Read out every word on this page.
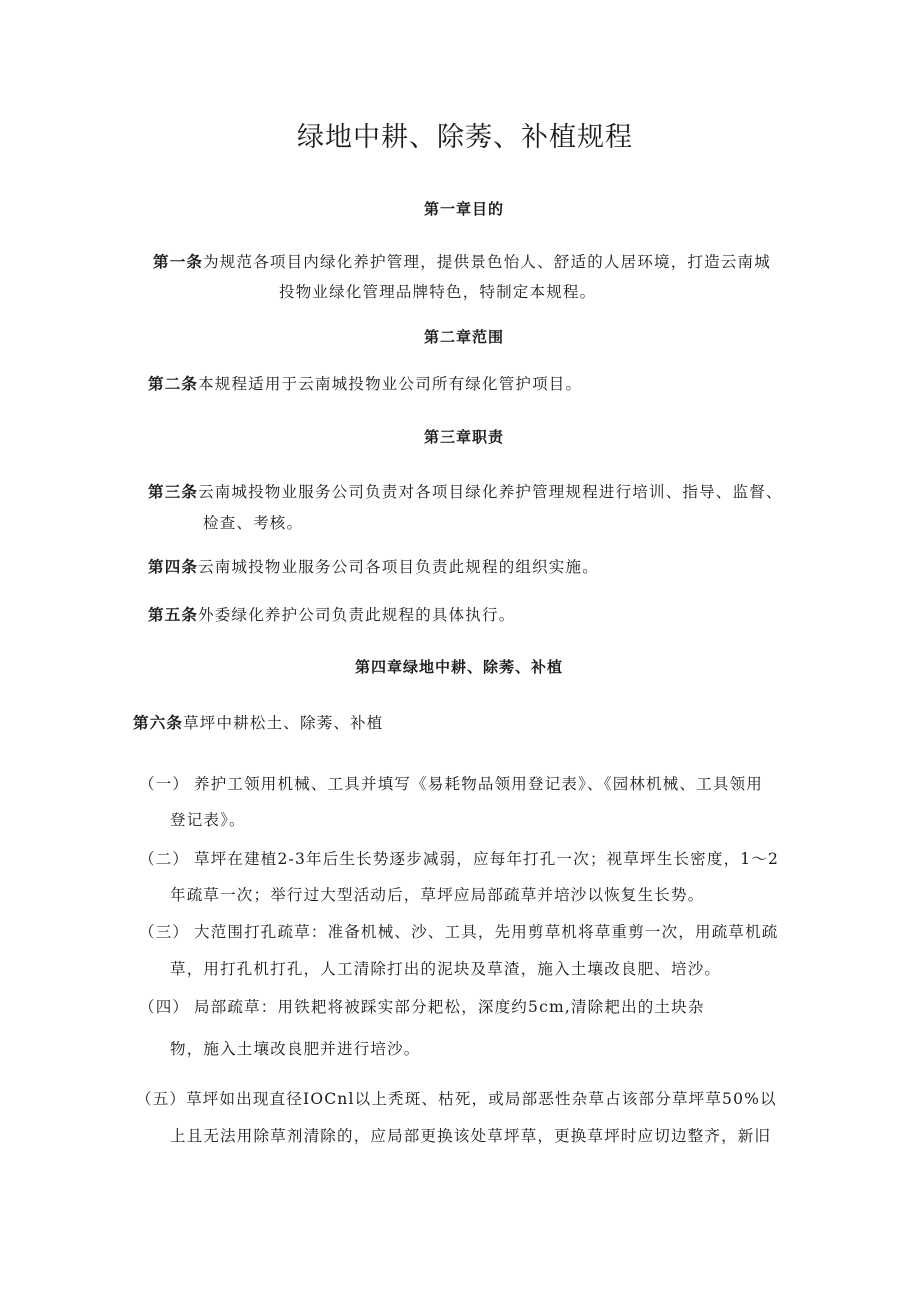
绿地中耕、除莠、补植规程
第一章目的
第一条为规范各项目内绿化养护管理，提供景色怡人、舒适的人居环境，打造云南城
投物业绿化管理品牌特色，特制定本规程。
第二章范围
第二条本规程适用于云南城投物业公司所有绿化管护项目。
第三章职责
第三条云南城投物业服务公司负责对各项目绿化养护管理规程进行培训、指导、监督、
检查、考核。
第四条云南城投物业服务公司各项目负责此规程的组织实施。
第五条外委绿化养护公司负责此规程的具体执行。
第四章绿地中耕、除莠、补植
第六条草坪中耕松土、除莠、补植
（一） 养护工领用机械、工具并填写《易耗物品领用登记表》、《园林机械、工具领用
登记表》。
（二） 草坪在建植2-3年后生长势逐步减弱，应每年打孔一次；视草坪生长密度，1～2
年疏草一次；举行过大型活动后，草坪应局部疏草并培沙以恢复生长势。
（三） 大范围打孔疏草：准备机械、沙、工具，先用剪草机将草重剪一次，用疏草机疏
草，用打孔机打孔，人工清除打出的泥块及草渣，施入土壤改良肥、培沙。
（四） 局部疏草：用铁耙将被踩实部分耙松，深度约5cm,清除耙出的土块杂
物，施入土壤改良肥并进行培沙。
（五）草坪如出现直径IOCnl以上秃斑、枯死，或局部恶性杂草占该部分草坪草50%以
上且无法用除草剂清除的，应局部更换该处草坪草，更换草坪时应切边整齐，新旧
